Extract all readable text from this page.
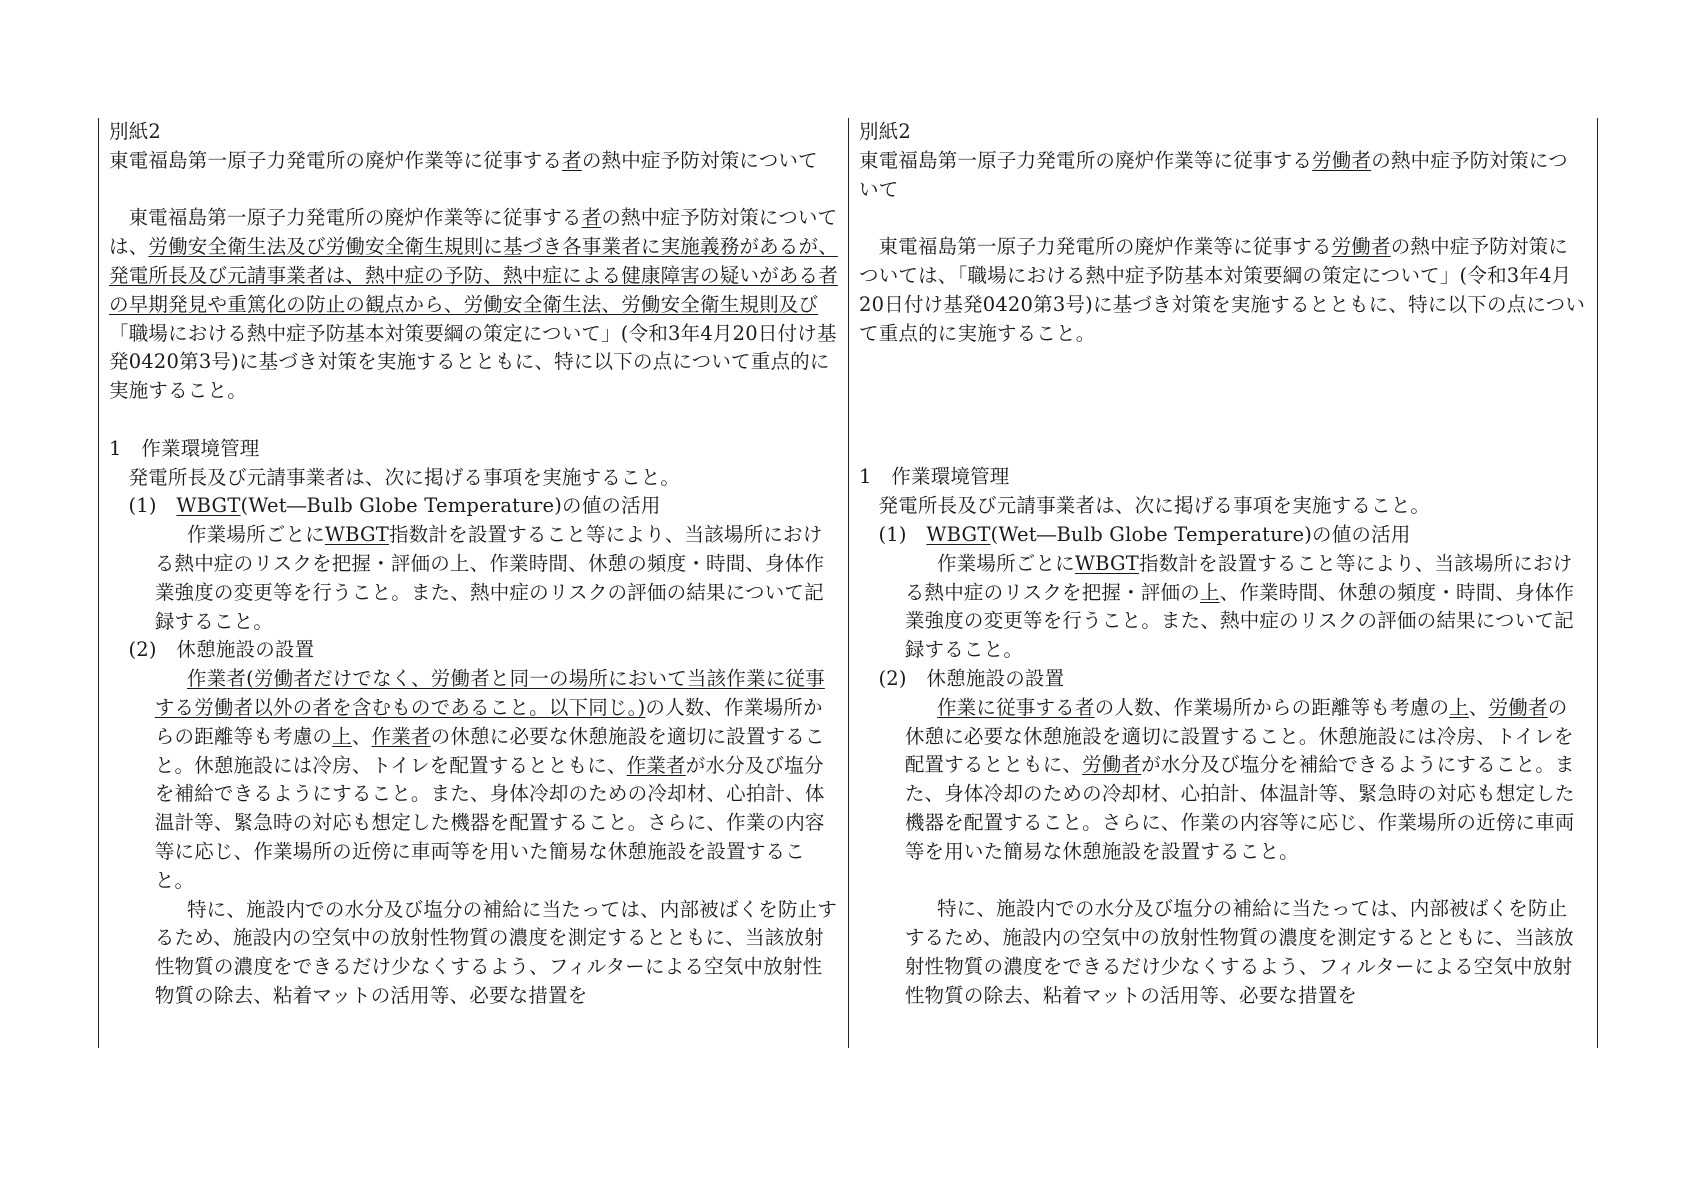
別紙2

東電福島第一原子力発電所の廃炉作業等に従事する者の熱中症予防対策について

東電福島第一原子力発電所の廃炉作業等に従事する者の熱中症予防対策については、労働安全衛生法及び労働安全衛生規則に基づき各事業者に実施義務があるが、発電所長及び元請事業者は、熱中症の予防、熱中症による健康障害の疑いがある者の早期発見や重篤化の防止の観点から、労働安全衛生法、労働安全衛生規則及び「職場における熱中症予防基本対策要綱の策定について」(令和3年4月20日付け基発0420第3号)に基づき対策を実施するとともに、特に以下の点について重点的に実施すること。

1　作業環境管理

発電所長及び元請事業者は、次に掲げる事項を実施すること。

(1)　WBGT(Wet―Bulb Globe Temperature)の値の活用

作業場所ごとにWBGT指数計を設置すること等により、当該場所における熱中症のリスクを把握・評価の上、作業時間、休憩の頻度・時間、身体作業強度の変更等を行うこと。また、熱中症のリスクの評価の結果について記録すること。

(2)　休憩施設の設置

作業者(労働者だけでなく、労働者と同一の場所において当該作業に従事する労働者以外の者を含むものであること。以下同じ。)の人数、作業場所からの距離等も考慮の上、作業者の休憩に必要な休憩施設を適切に設置すること。休憩施設には冷房、トイレを配置するとともに、作業者が水分及び塩分を補給できるようにすること。また、身体冷却のための冷却材、心拍計、体温計等、緊急時の対応も想定した機器を配置すること。さらに、作業の内容等に応じ、作業場所の近傍に車両等を用いた簡易な休憩施設を設置すること。

特に、施設内での水分及び塩分の補給に当たっては、内部被ばくを防止するため、施設内の空気中の放射性物質の濃度を測定するとともに、当該放射性物質の濃度をできるだけ少なくするよう、フィルターによる空気中放射性物質の除去、粘着マットの活用等、必要な措置を

別紙2

東電福島第一原子力発電所の廃炉作業等に従事する労働者の熱中症予防対策について

東電福島第一原子力発電所の廃炉作業等に従事する労働者の熱中症予防対策については、「職場における熱中症予防基本対策要綱の策定について」(令和3年4月20日付け基発0420第3号)に基づき対策を実施するとともに、特に以下の点について重点的に実施すること。

1　作業環境管理

発電所長及び元請事業者は、次に掲げる事項を実施すること。

(1)　WBGT(Wet―Bulb Globe Temperature)の値の活用

作業場所ごとにWBGT指数計を設置すること等により、当該場所における熱中症のリスクを把握・評価の上、作業時間、休憩の頻度・時間、身体作業強度の変更等を行うこと。また、熱中症のリスクの評価の結果について記録すること。

(2)　休憩施設の設置

作業に従事する者の人数、作業場所からの距離等も考慮の上、労働者の休憩に必要な休憩施設を適切に設置すること。休憩施設には冷房、トイレを配置するとともに、労働者が水分及び塩分を補給できるようにすること。また、身体冷却のための冷却材、心拍計、体温計等、緊急時の対応も想定した機器を配置すること。さらに、作業の内容等に応じ、作業場所の近傍に車両等を用いた簡易な休憩施設を設置すること。

特に、施設内での水分及び塩分の補給に当たっては、内部被ばくを防止するため、施設内の空気中の放射性物質の濃度を測定するとともに、当該放射性物質の濃度をできるだけ少なくするよう、フィルターによる空気中放射性物質の除去、粘着マットの活用等、必要な措置を
